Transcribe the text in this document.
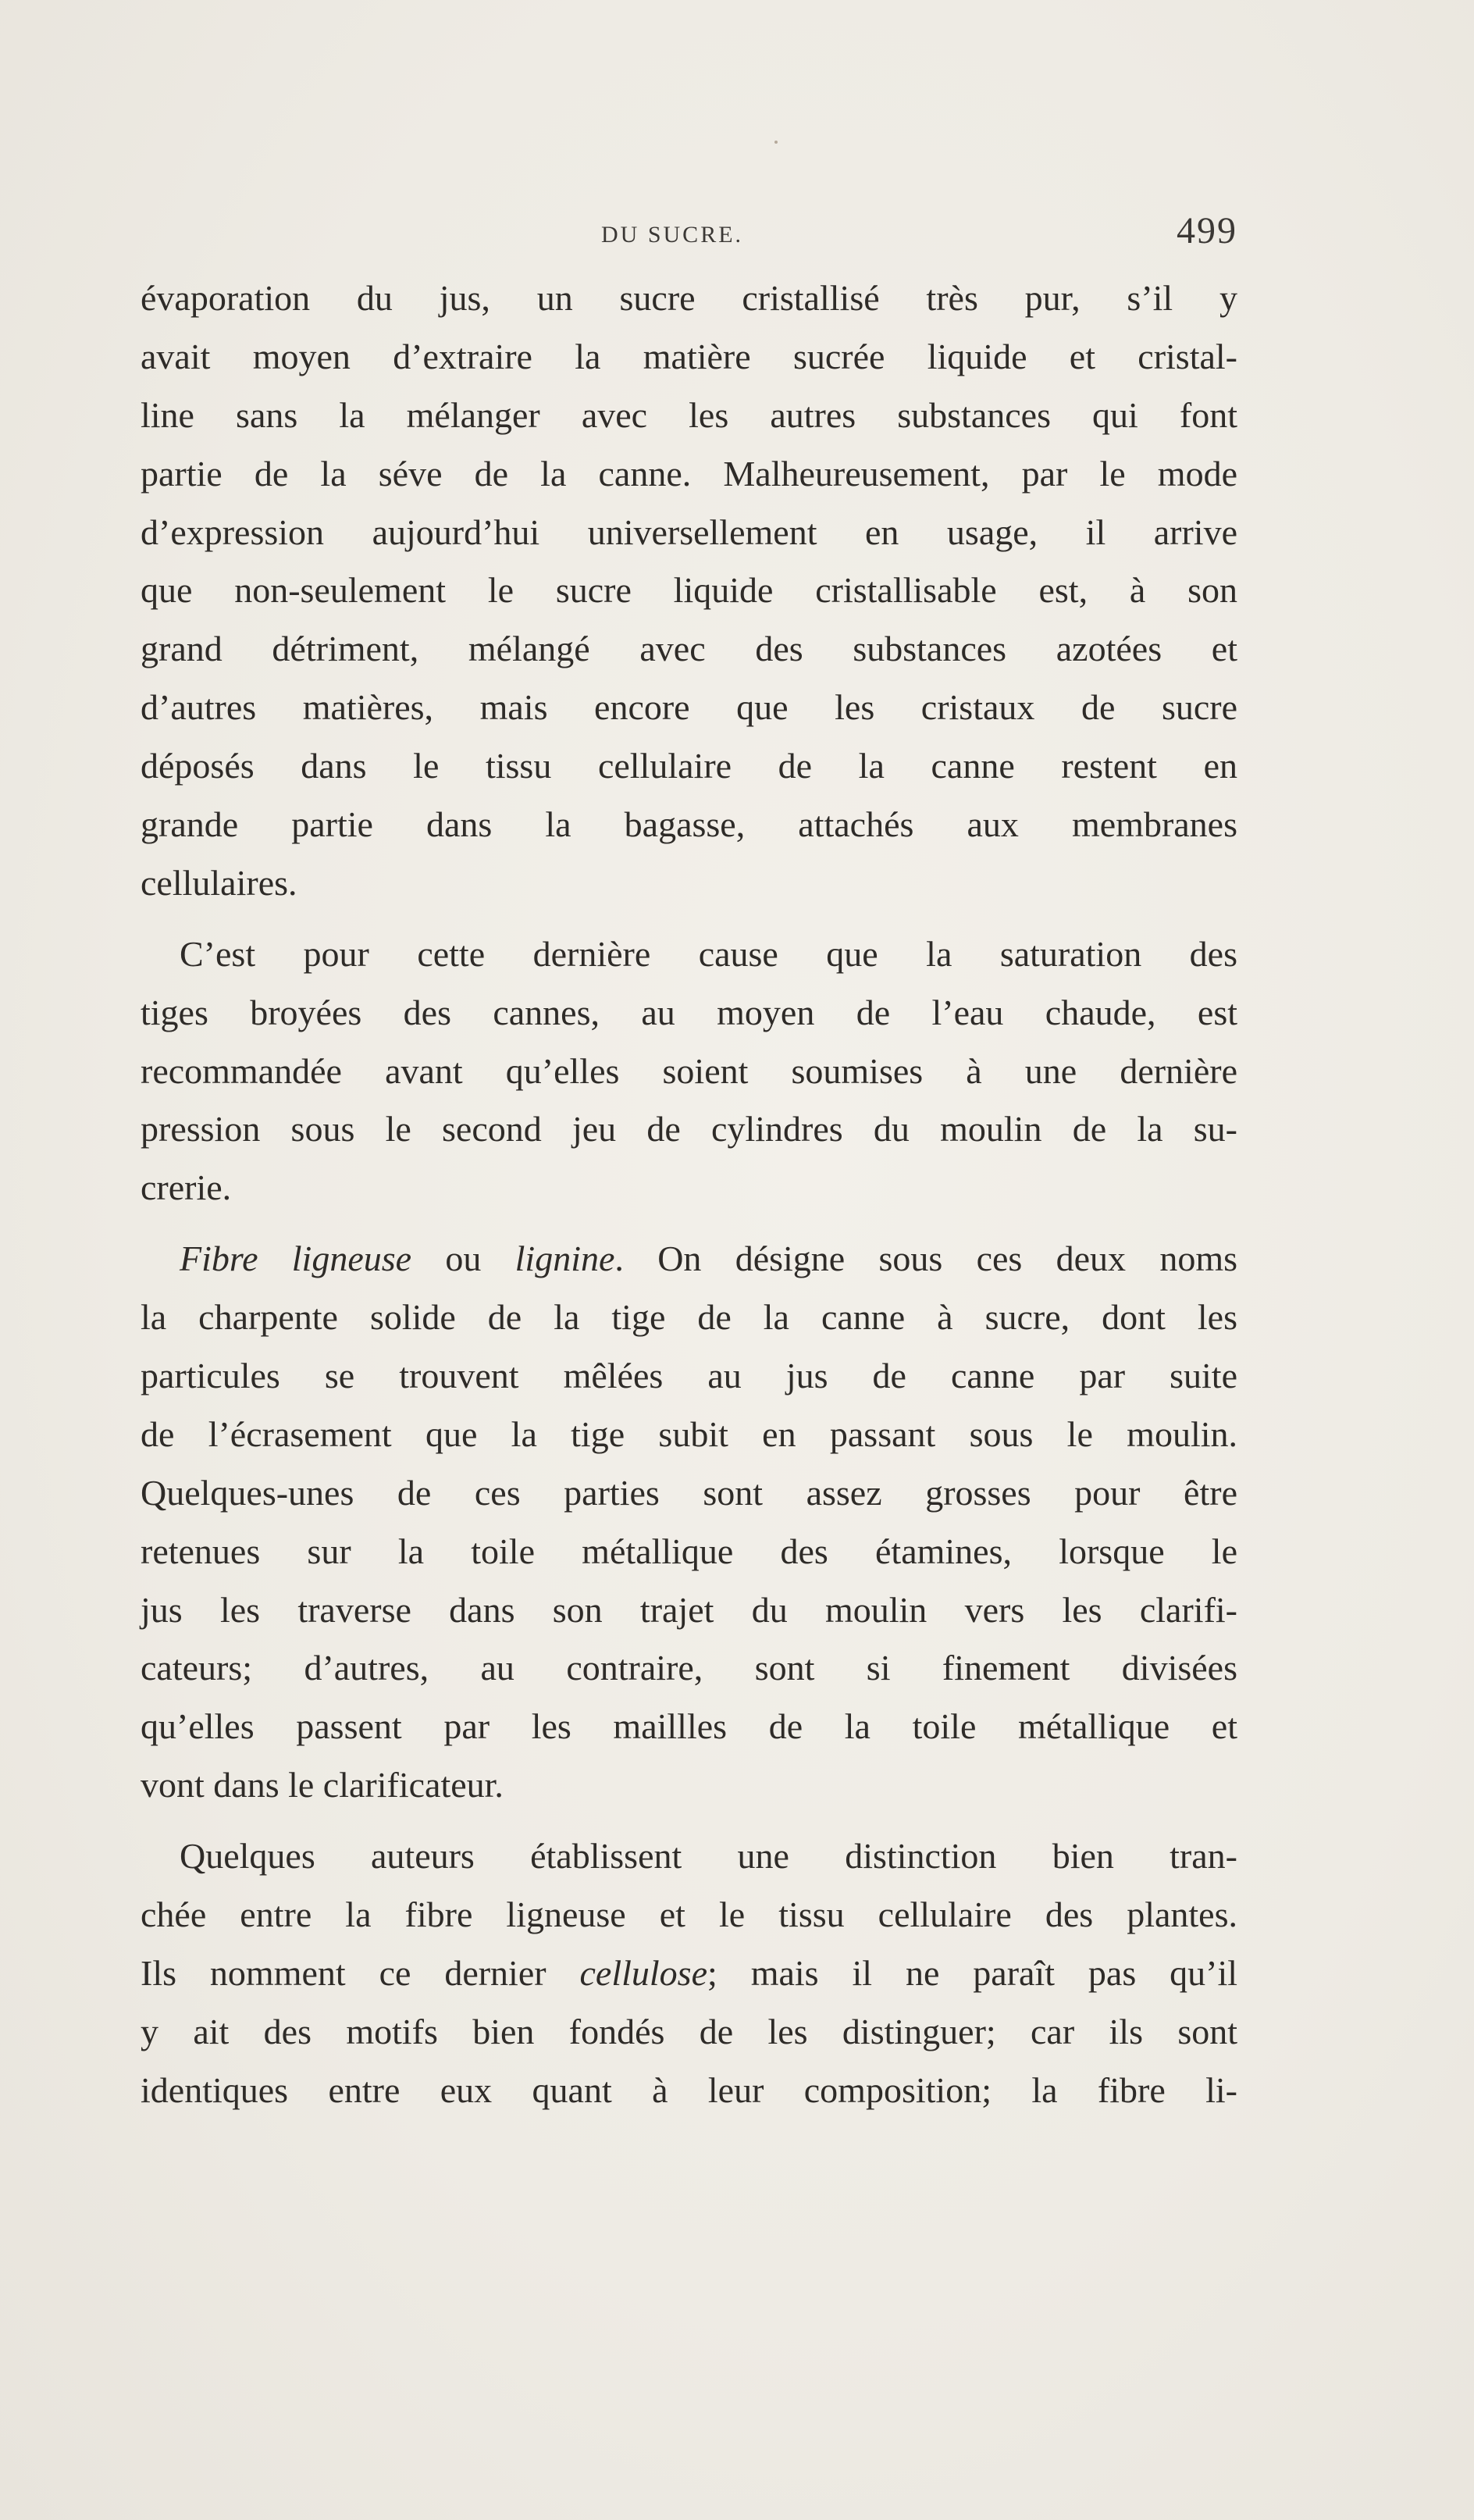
DU SUCRE.	499
évaporation du jus, un sucre cristallisé très pur, s’il y
avait moyen d’extraire la matière sucrée liquide et cristal-
line sans la mélanger avec les autres substances qui font
partie de la séve de la canne. Malheureusement, par le mode
d’expression aujourd’hui universellement en usage, il arrive
que non-seulement le sucre liquide cristallisable est, à son
grand détriment, mélangé avec des substances azotées et
d’autres matières, mais encore que les cristaux de sucre
déposés dans le tissu cellulaire de la canne restent en
grande partie dans la bagasse, attachés aux membranes
cellulaires.
C’est pour cette dernière cause que la saturation des
tiges broyées des cannes, au moyen de l’eau chaude, est
recommandée avant qu’elles soient soumises à une dernière
pression sous le second jeu de cylindres du moulin de la su-
crerie.
Fibre ligneuse ou lignine. On désigne sous ces deux noms
la charpente solide de la tige de la canne à sucre, dont les
particules se trouvent mêlées au jus de canne par suite
de l’écrasement que la tige subit en passant sous le moulin.
Quelques-unes de ces parties sont assez grosses pour être
retenues sur la toile métallique des étamines, lorsque le
jus les traverse dans son trajet du moulin vers les clarifi-
cateurs; d’autres, au contraire, sont si finement divisées
qu’elles passent par les maillles de la toile métallique et
vont dans le clarificateur.
Quelques auteurs établissent une distinction bien tran-
chée entre la fibre ligneuse et le tissu cellulaire des plantes.
Ils nomment ce dernier cellulose; mais il ne paraît pas qu’il
y ait des motifs bien fondés de les distinguer; car ils sont
identiques entre eux quant à leur composition; la fibre li-
